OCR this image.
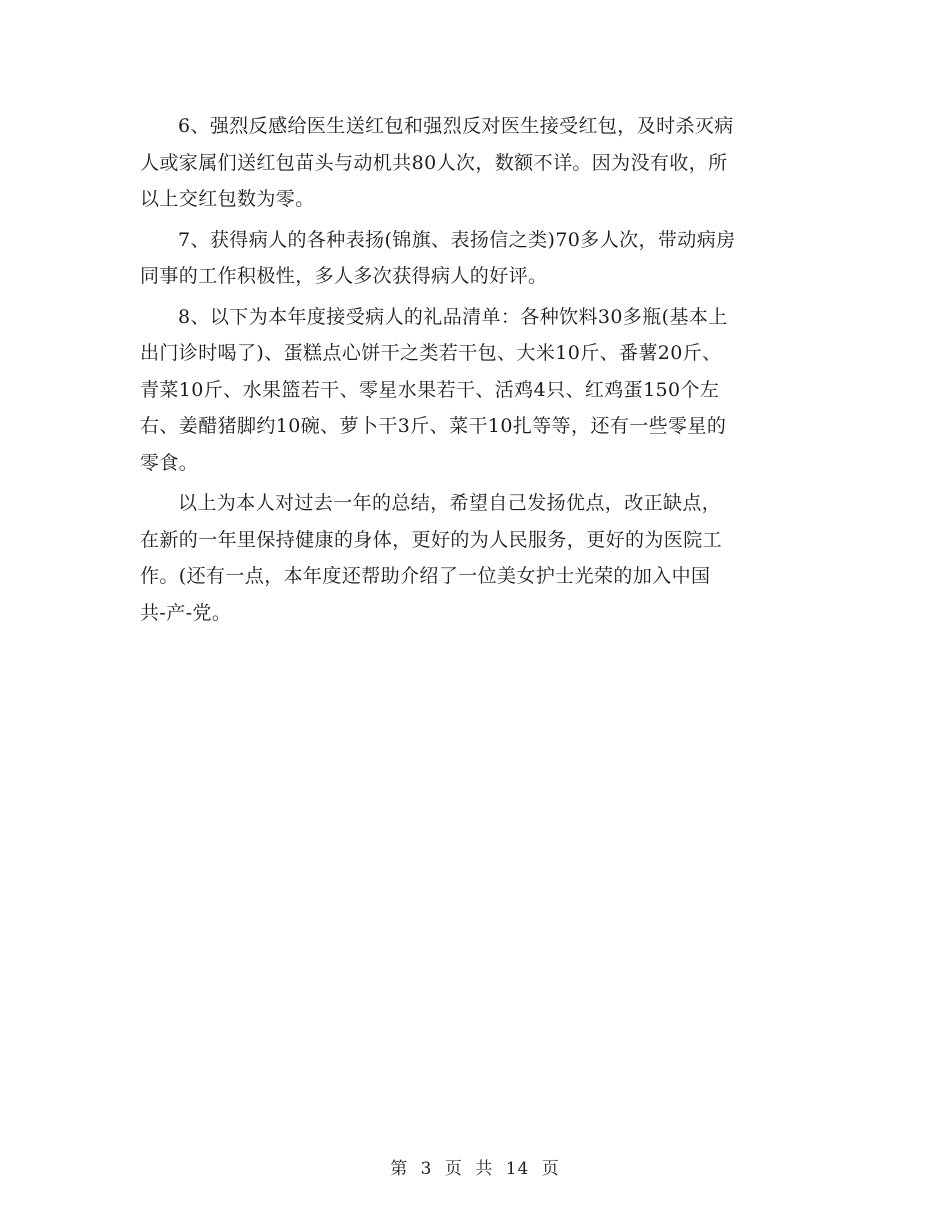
6、强烈反感给医生送红包和强烈反对医生接受红包，及时杀灭病
人或家属们送红包苗头与动机共80人次，数额不详。因为没有收，所
以上交红包数为零。

7、获得病人的各种表扬(锦旗、表扬信之类)70多人次，带动病房
同事的工作积极性，多人多次获得病人的好评。

8、以下为本年度接受病人的礼品清单：各种饮料30多瓶(基本上
出门诊时喝了)、蛋糕点心饼干之类若干包、大米10斤、番薯20斤、
青菜10斤、水果篮若干、零星水果若干、活鸡4只、红鸡蛋150个左
右、姜醋猪脚约10碗、萝卜干3斤、菜干10扎等等，还有一些零星的
零食。

以上为本人对过去一年的总结，希望自己发扬优点，改正缺点，
在新的一年里保持健康的身体，更好的为人民服务，更好的为医院工
作。(还有一点，本年度还帮助介绍了一位美女护士光荣的加入中国
共-产-党。

第 3 页 共 14 页
